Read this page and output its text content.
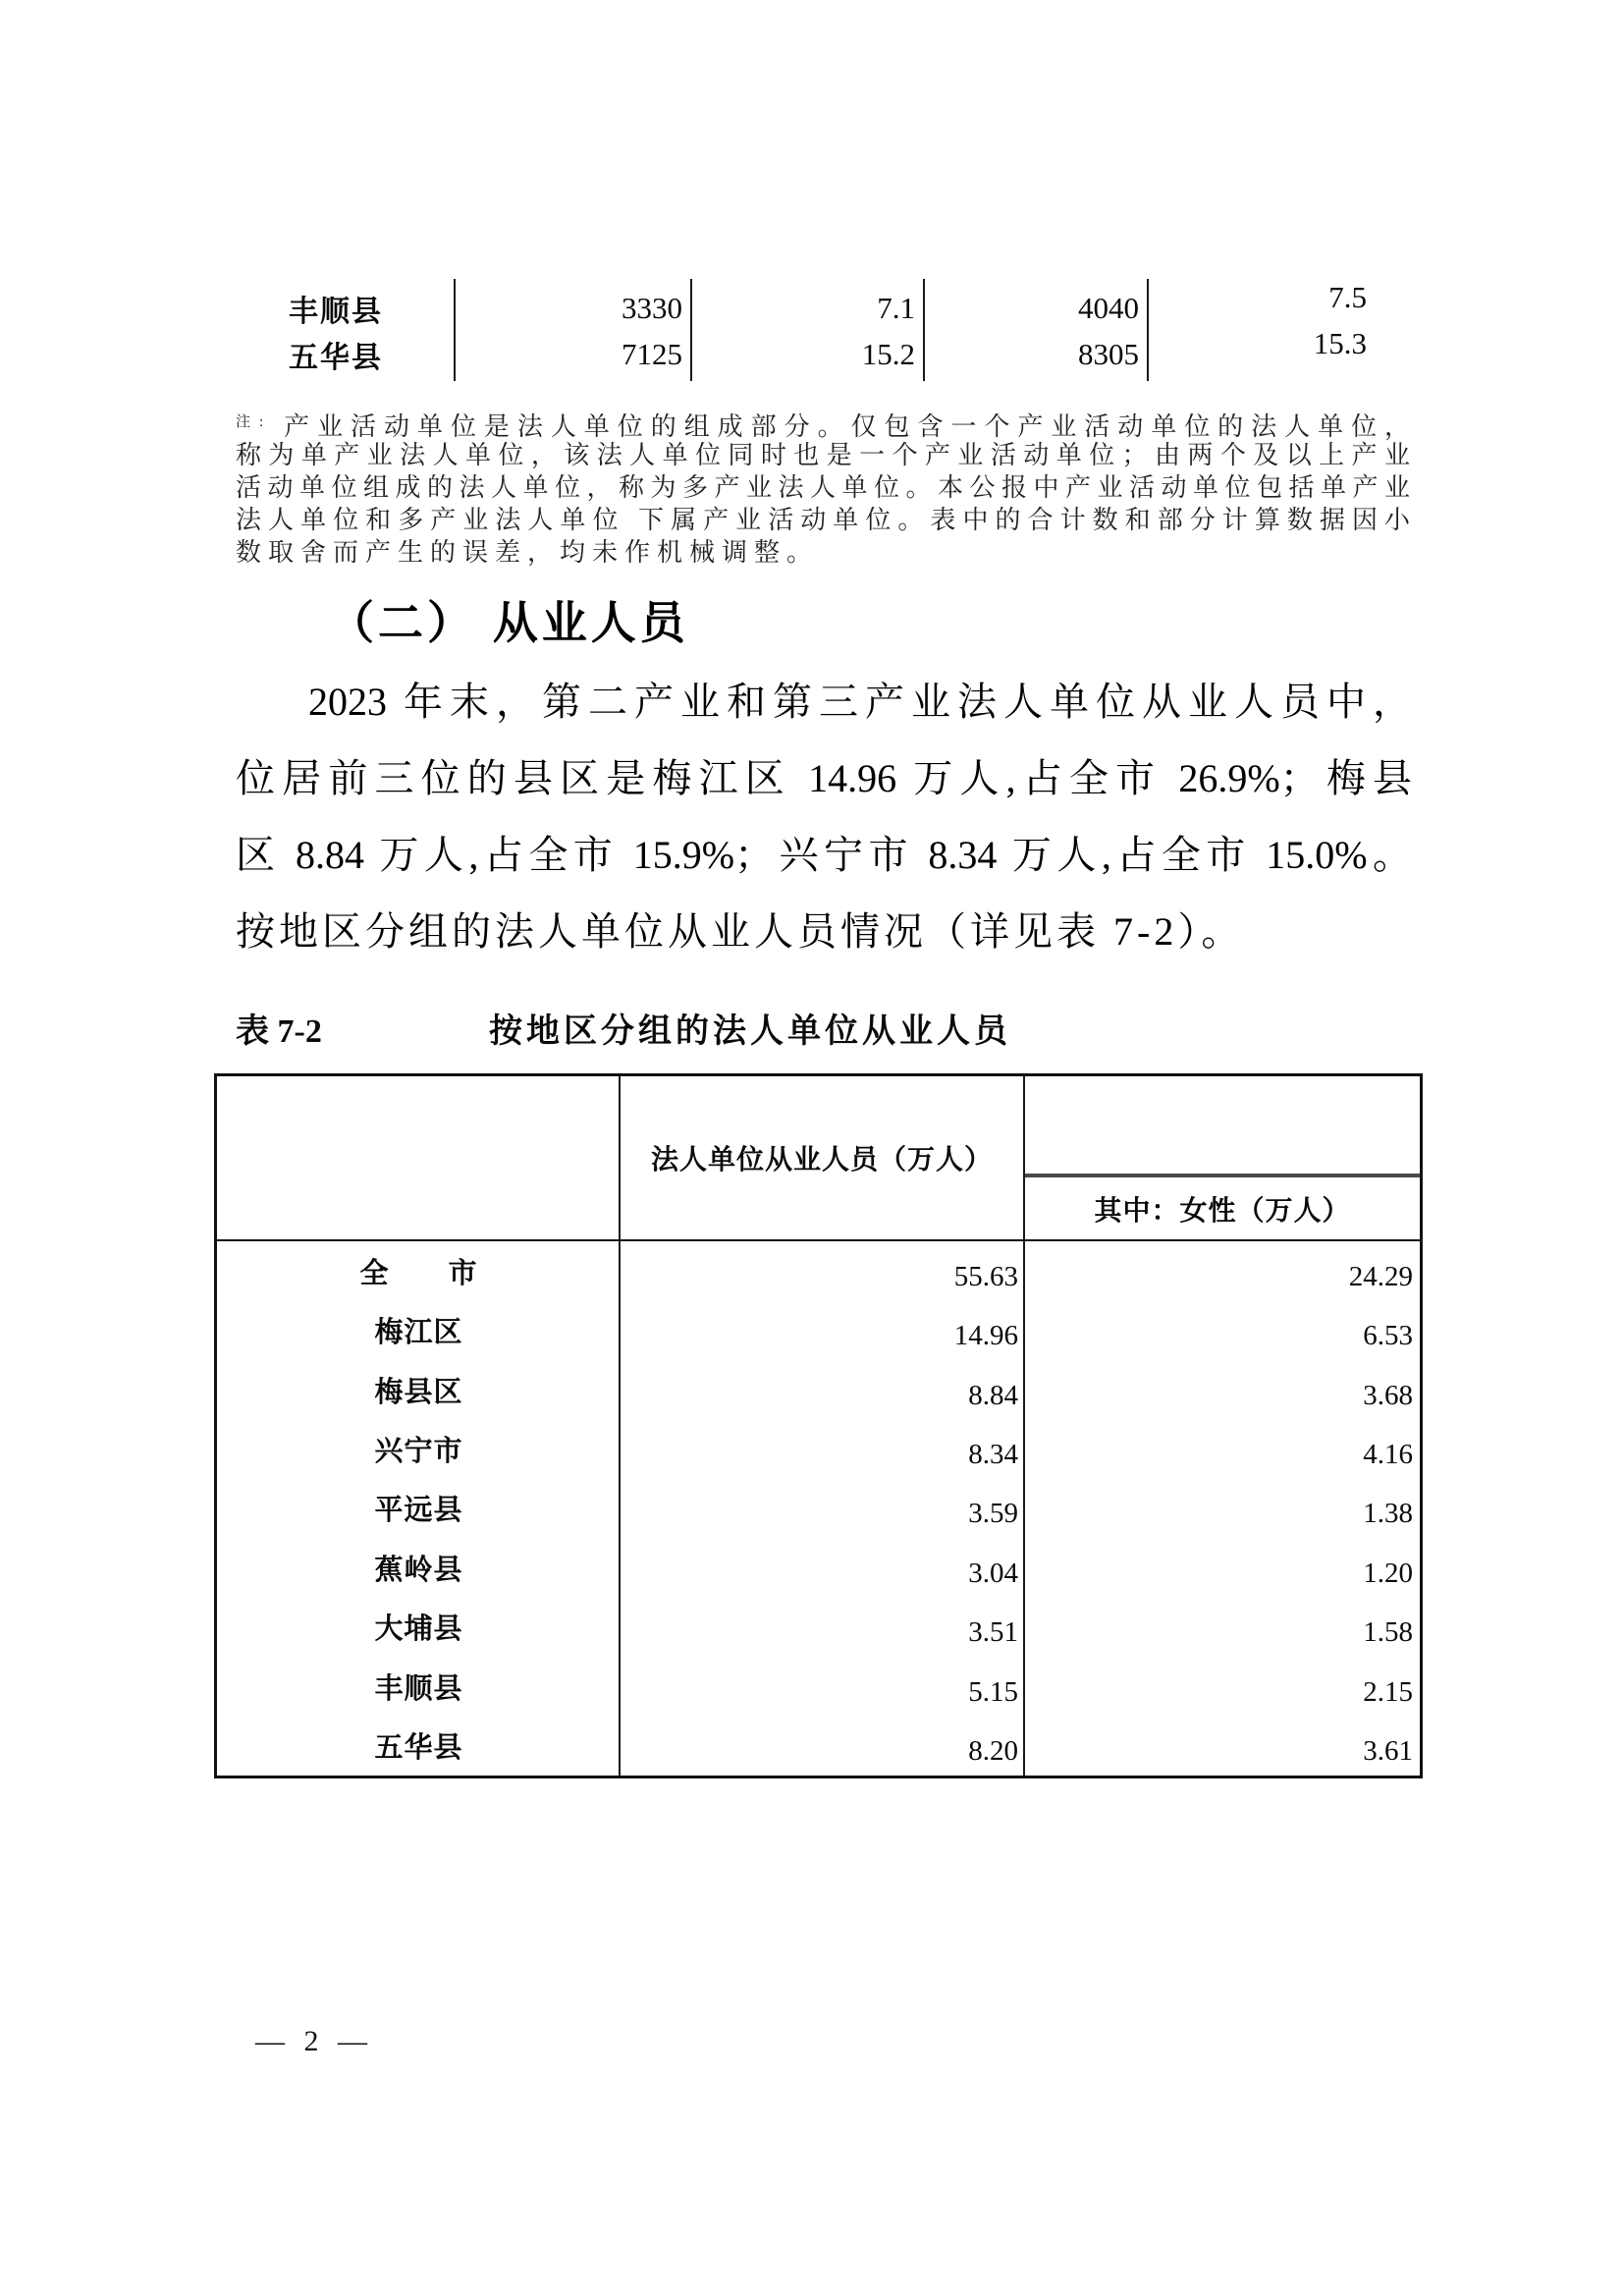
丰顺县	3330	7.1	4040	7.5
五华县	7125	15.2	8305	15.3
$^{注:}$ 产业活动单位是法人单位的组成部分。仅包含一个产业活动单位的法人单位，
称为单产业法人单位，该法人单位同时也是一个产业活动单位；由两个及以上产业
活动单位组成的法人单位，称为多产业法人单位。本公报中产业活动单位包括单产业
法人单位和多产业法人单位 下属产业活动单位。表中的合计数和部分计算数据因小
数取舍而产生的误差，均未作机械调整。
（二） 从业人员
2023 年末，第二产业和第三产业法人单位从业人员中，
位居前三位的县区是梅江区 14.96 万人,占全市 26.9%；梅县
区 8.84 万人,占全市 15.9%；兴宁市 8.34 万人,占全市 15.0%。
按地区分组的法人单位从业人员情况（详见表 7-2）。
表 7-2	按地区分组的法人单位从业人员
法人单位从业人员（万人）
其中：女性（万人）
全　　市	55.63	24.29
梅江区	14.96	6.53
梅县区	8.84	3.68
兴宁市	8.34	4.16
平远县	3.59	1.38
蕉岭县	3.04	1.20
大埔县	3.51	1.58
丰顺县	5.15	2.15
五华县	8.20	3.61
— 2 —
